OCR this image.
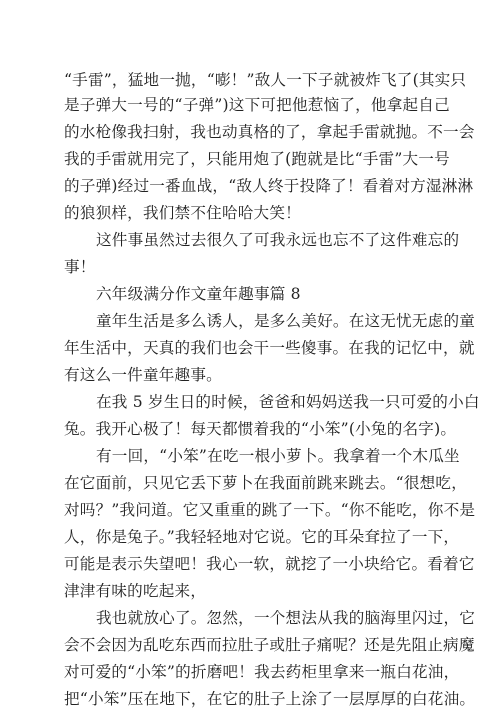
“手雷”，猛地一抛，“嘭！”敌人一下子就被炸飞了(其实只
是子弹大一号的“子弹”)这下可把他惹恼了，他拿起自己
的水枪像我扫射，我也动真格的了，拿起手雷就抛。不一会
我的手雷就用完了，只能用炮了(跑就是比“手雷”大一号
的子弹)经过一番血战，“敌人终于投降了！看着对方湿淋淋
的狼狈样，我们禁不住哈哈大笑！
这件事虽然过去很久了可我永远也忘不了这件难忘的
事！
六年级满分作文童年趣事篇 8
童年生活是多么诱人，是多么美好。在这无忧无虑的童
年生活中，天真的我们也会干一些傻事。在我的记忆中，就
有这么一件童年趣事。
在我 5 岁生日的时候，爸爸和妈妈送我一只可爱的小白
兔。我开心极了！每天都惯着我的“小笨”(小兔的名字)。
有一回，“小笨”在吃一根小萝卜。我拿着一个木瓜坐
在它面前，只见它丢下萝卜在我面前跳来跳去。“很想吃，
对吗？”我问道。它又重重的跳了一下。“你不能吃，你不是
人，你是兔子。”我轻轻地对它说。它的耳朵耷拉了一下，
可能是表示失望吧！我心一软，就挖了一小块给它。看着它
津津有味的吃起来，
我也就放心了。忽然，一个想法从我的脑海里闪过，它
会不会因为乱吃东西而拉肚子或肚子痛呢？还是先阻止病魔
对可爱的“小笨”的折磨吧！我去药柜里拿来一瓶白花油，
把“小笨”压在地下，在它的肚子上涂了一层厚厚的白花油。
